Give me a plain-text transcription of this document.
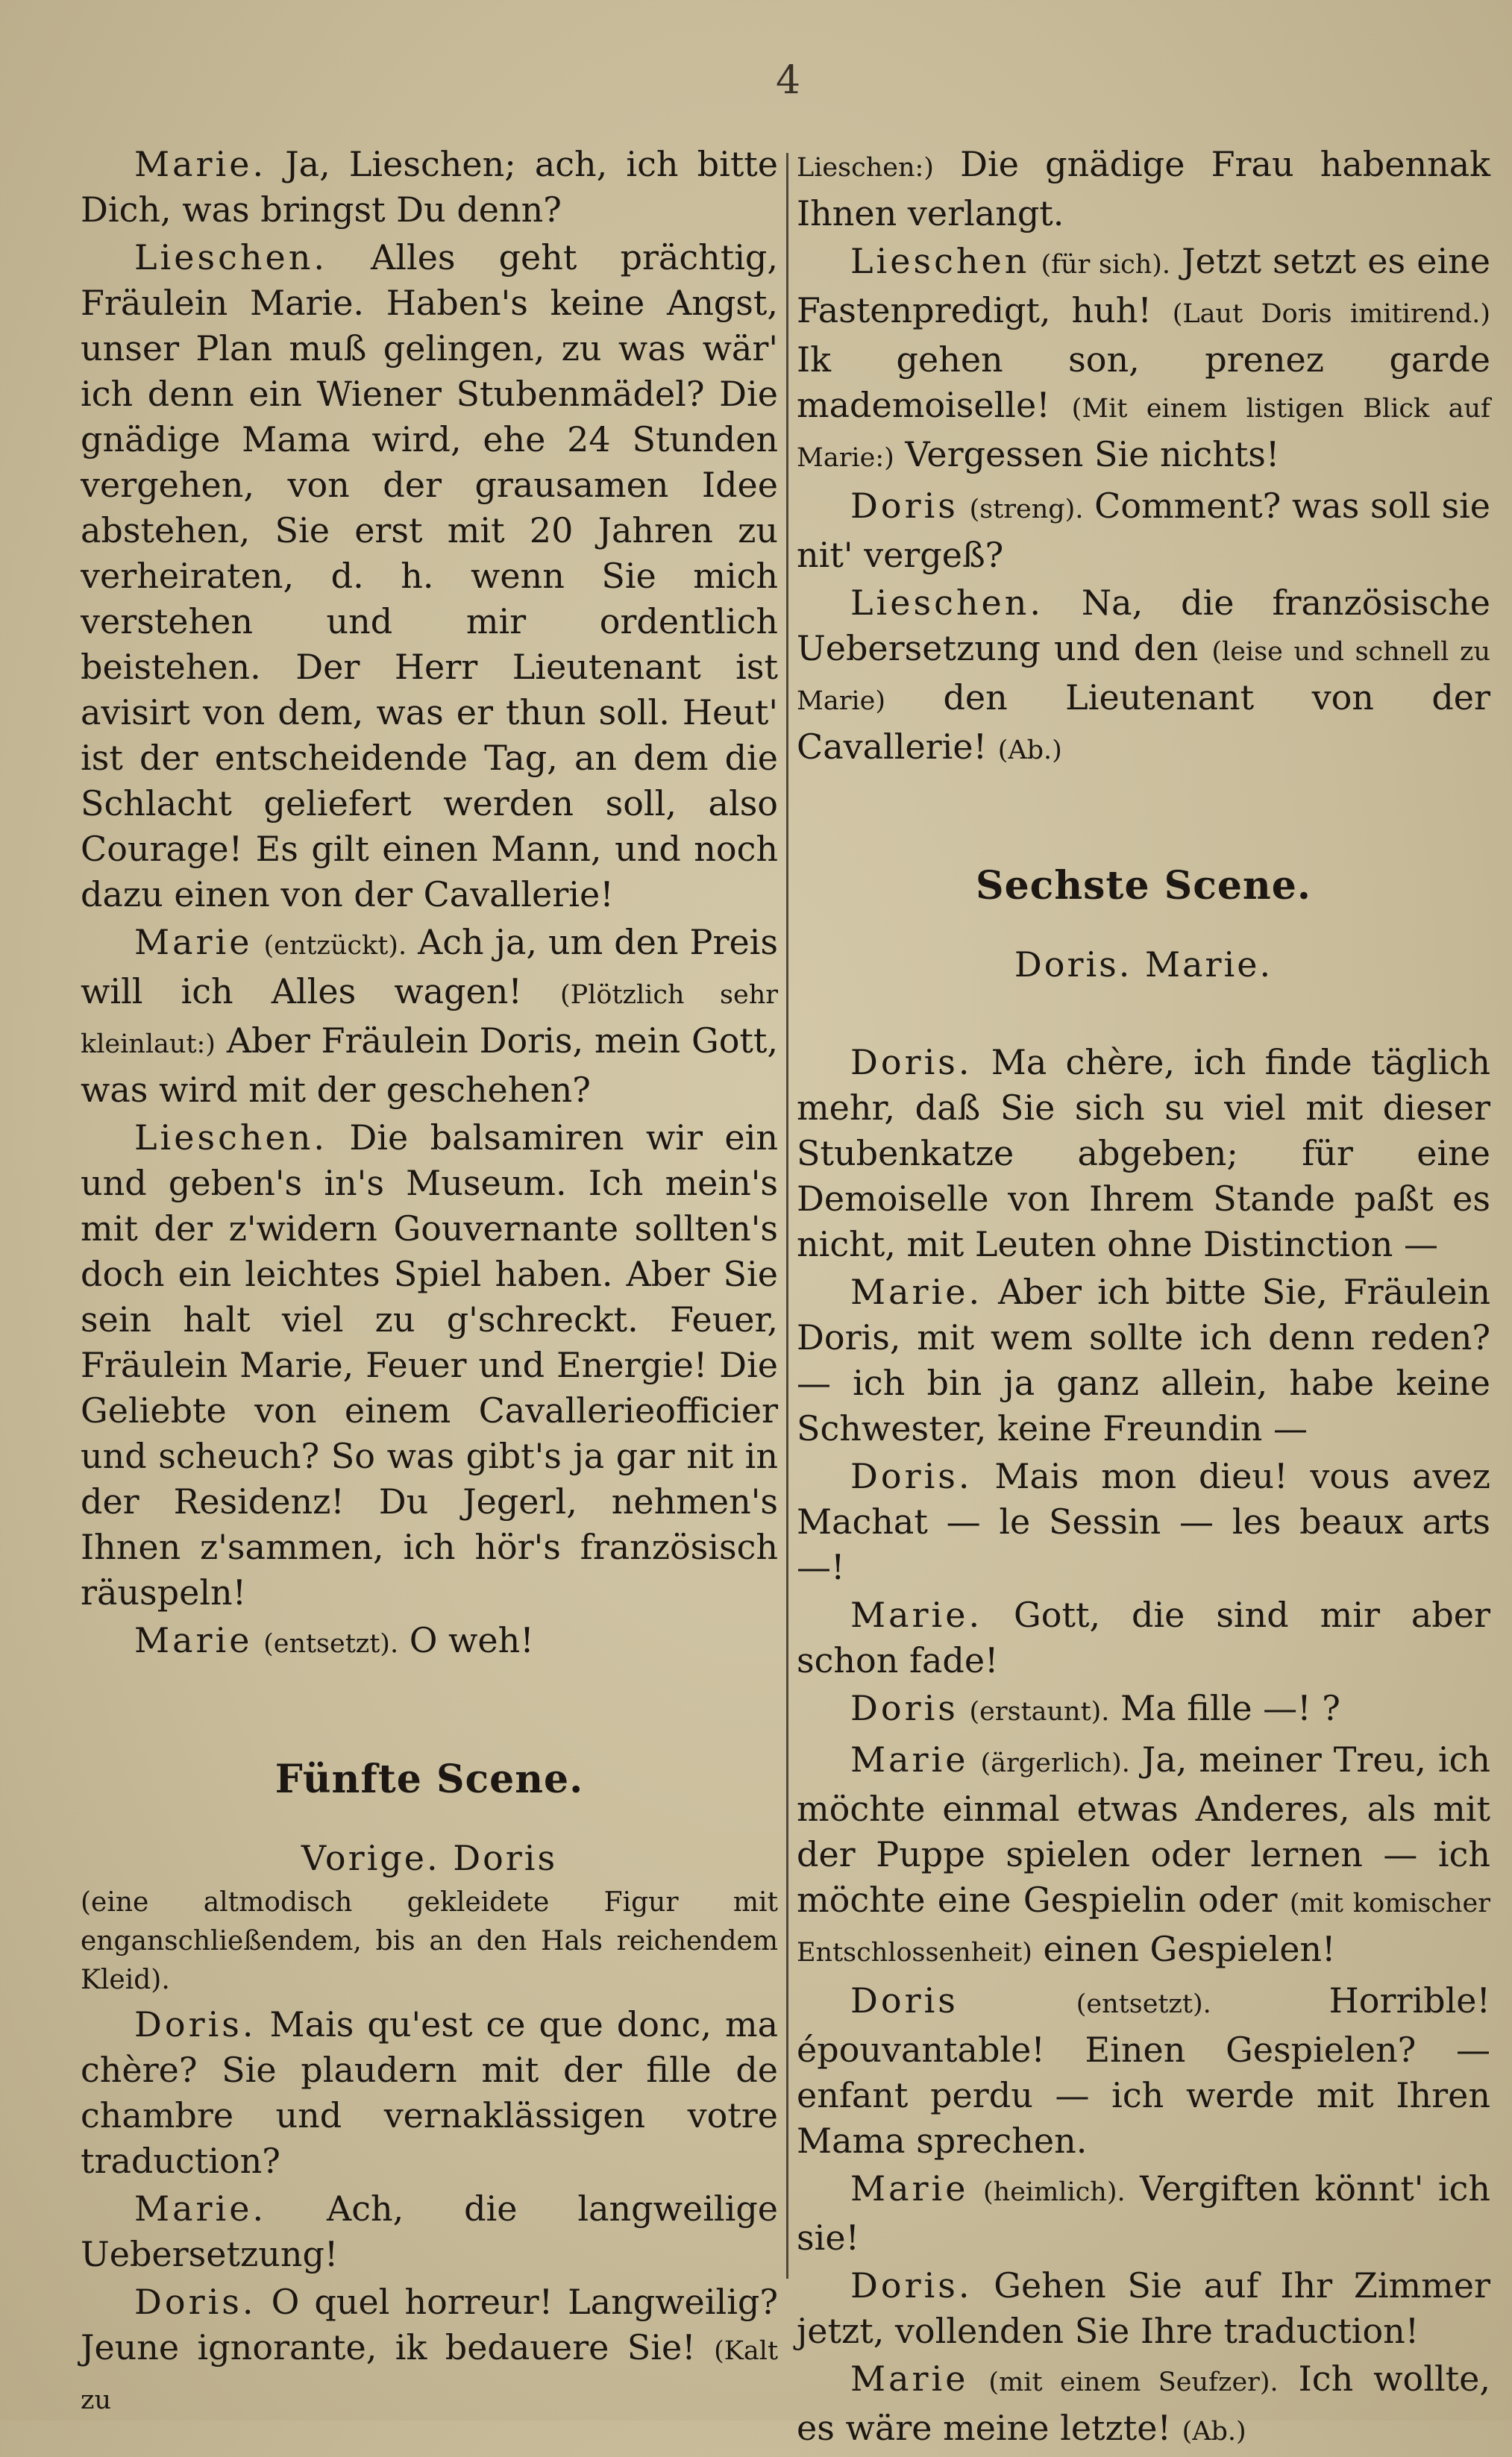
4

Marie. Ja, Lieschen; ach, ich bitte Dich, was bringst Du denn?

Lieschen. Alles geht prächtig, Fräulein Marie. Haben's keine Angst, unser Plan muß gelingen, zu was wär' ich denn ein Wiener Stubenmädel? Die gnädige Mama wird, ehe 24 Stunden vergehen, von der grausamen Idee abstehen, Sie erst mit 20 Jahren zu verheiraten, d. h. wenn Sie mich verstehen und mir ordentlich beistehen. Der Herr Lieutenant ist avisirt von dem, was er thun soll. Heut' ist der entscheidende Tag, an dem die Schlacht geliefert werden soll, also Courage! Es gilt einen Mann, und noch dazu einen von der Cavallerie!

Marie (entzückt). Ach ja, um den Preis will ich Alles wagen! (Plötzlich sehr kleinlaut:) Aber Fräulein Doris, mein Gott, was wird mit der geschehen?

Lieschen. Die balsamiren wir ein und geben's in's Museum. Ich mein's mit der z'widern Gouvernante sollten's doch ein leichtes Spiel haben. Aber Sie sein halt viel zu g'schreckt. Feuer, Fräulein Marie, Feuer und Energie! Die Geliebte von einem Cavallerieofficier und scheuch? So was gibt's ja gar nit in der Residenz! Du Jegerl, nehmen's Ihnen z'sammen, ich hör's französisch räuspeln!

Marie (entsetzt). O weh!

Fünfte Scene.

Vorige. Doris

(eine altmodisch gekleidete Figur mit enganschließendem, bis an den Hals reichendem Kleid).

Doris. Mais qu'est ce que donc, ma chère? Sie plaudern mit der fille de chambre und vernaklässigen votre traduction?

Marie. Ach, die langweilige Uebersetzung!

Doris. O quel horreur! Langweilig? Jeune ignorante, ik bedauere Sie! (Kalt zu

Lieschen:) Die gnädige Frau habennak Ihnen verlangt.

Lieschen (für sich). Jetzt setzt es eine Fastenpredigt, huh! (Laut Doris imitirend.) Ik gehen son, prenez garde mademoiselle! (Mit einem listigen Blick auf Marie:) Vergessen Sie nichts!

Doris (streng). Comment? was soll sie nit' vergeß?

Lieschen. Na, die französische Uebersetzung und den (leise und schnell zu Marie) den Lieutenant von der Cavallerie! (Ab.)

Sechste Scene.

Doris. Marie.

Doris. Ma chère, ich finde täglich mehr, daß Sie sich su viel mit dieser Stubenkatze abgeben; für eine Demoiselle von Ihrem Stande paßt es nicht, mit Leuten ohne Distinction —

Marie. Aber ich bitte Sie, Fräulein Doris, mit wem sollte ich denn reden? — ich bin ja ganz allein, habe keine Schwester, keine Freundin —

Doris. Mais mon dieu! vous avez Machat — le Sessin — les beaux arts —!

Marie. Gott, die sind mir aber schon fade!

Doris (erstaunt). Ma fille —! ?

Marie (ärgerlich). Ja, meiner Treu, ich möchte einmal etwas Anderes, als mit der Puppe spielen oder lernen — ich möchte eine Gespielin oder (mit komischer Entschlossenheit) einen Gespielen!

Doris	(entsetzt).	Horrible! épouvantable! Einen Gespielen? — enfant perdu — ich werde mit Ihren Mama sprechen.

Marie (heimlich). Vergiften könnt' ich sie!

Doris. Gehen Sie auf Ihr Zimmer jetzt, vollenden Sie Ihre traduction!

Marie (mit einem Seufzer). Ich wollte, es wäre meine letzte! (Ab.)
